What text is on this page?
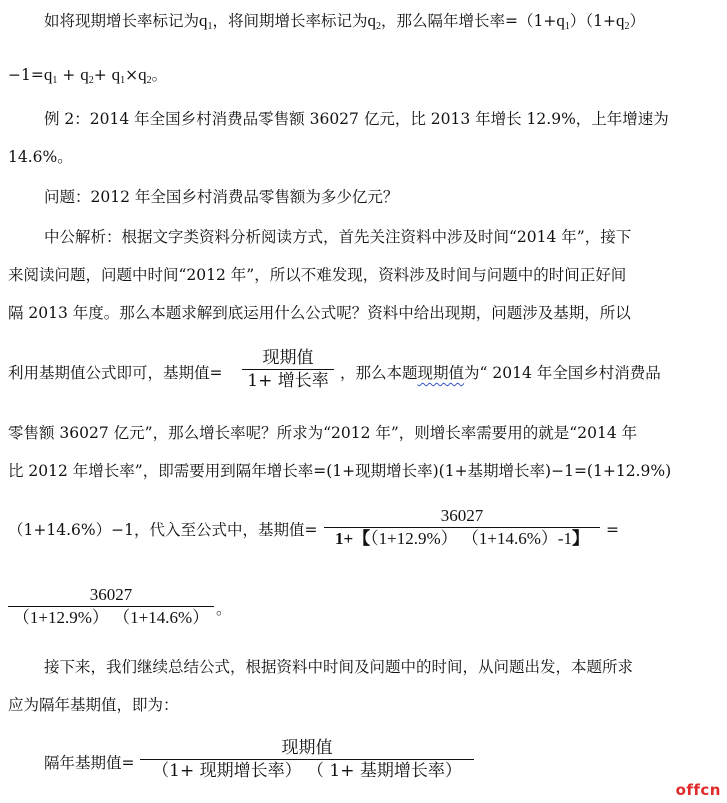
如将现期增长率标记为$q_1$，将间期增长率标记为$q_2$，那么隔年增长率$=(1+q_1)(1+q_2)$
$-1=q_1 + q_2+ q_1\times q_2$。
例 2：2014 年全国乡村消费品零售额 36027 亿元，比 2013 年增长 12.9%，上年增速为
14.6%。
问题：2012 年全国乡村消费品零售额为多少亿元？
中公解析：根据文字类资料分析阅读方式，首先关注资料中涉及时间“2014 年”，接下
来阅读问题，问题中时间“2012 年”，所以不难发现，资料涉及时间与问题中的时间正好间
隔 2013 年度。那么本题求解到底运用什么公式呢？资料中给出现期，问题涉及基期，所以
利用基期值公式即可，基期值=
现期值
1+ 增长率 ，那么本题现期值为“ 2014 年全国乡村消费品
零售额 36027 亿元”，那么增长率呢？所求为“2012 年”，则增长率需要用的就是“2014 年
比 2012 年增长率”，即需要用到隔年增长率=(1+现期增长率)(1+基期增长率)−1=(1+12.9%)
（1+14.6%）−1，代入至公式中，基期值=
36027
1+【（1+12.9%） （1+14.6%）-1】	=
36027
（1+12.9%） （1+14.6%） 。
接下来，我们继续总结公式，根据资料中时间及问题中的时间，从问题出发，本题所求
应为隔年基期值，即为：
隔年基期值=
现期值
（1+ 现期增长率） （ 1+ 基期增长率）
offcn
